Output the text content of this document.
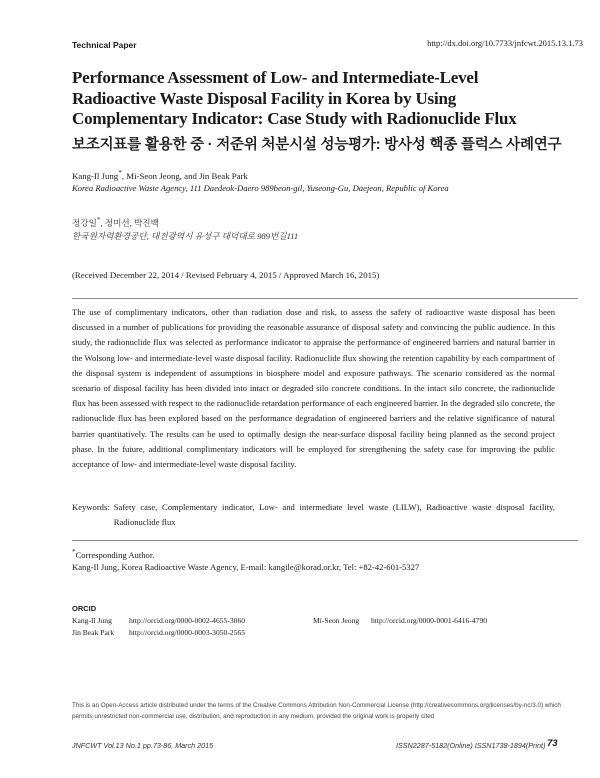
Technical Paper	http://dx.doi.org/10.7733/jnfcwt.2015.13.1.73
Performance Assessment of Low- and Intermediate-Level
Radioactive Waste Disposal Facility in Korea by Using
Complementary Indicator: Case Study with Radionuclide Flux
보조지표를 활용한 중 · 저준위 처분시설 성능평가: 방사성 핵종 플럭스 사례연구
Kang-Il Jung*, Mi-Seon Jeong, and Jin Beak Park
Korea Radioactive Waste Agency, 111 Daedeok-Daero 989beon-gil, Yuseong-Gu, Daejeon, Republic of Korea
정강일*, 정미선, 박진백
한국원자력환경공단, 대전광역시 유성구 대덕대로 989번길111
(Received December 22, 2014 / Revised February 4, 2015 / Approved March 16, 2015)
The use of complimentary indicators, other than radiation dose and risk, to assess the safety of radioactive waste disposal has been discussed in a number of publications for providing the reasonable assurance of disposal safety and convincing the public audience. In this study, the radionuclide flux was selected as performance indicator to appraise the performance of engineered barriers and natural barrier in the Wolsong low- and intermediate-level waste disposal facility. Radionuclide flux showing the retention capability by each compartment of the disposal system is independent of assumptions in biosphere model and exposure pathways. The scenario considered as the normal scenario of disposal facility has been divided into intact or degraded silo concrete conditions. In the intact silo concrete, the radionuclide flux has been assessed with respect to the radionuclide retardation performance of each engineered barrier. In the degraded silo concrete, the radionuclide flux has been explored based on the performance degradation of engineered barriers and the relative significance of natural barrier quantitatively. The results can be used to optimally design the near-surface disposal facility being planned as the second project phase. In the future, additional complimentary indicators will be employed for strengthening the safety case for improving the public acceptance of low- and intermediate-level waste disposal facility.
Keywords: Safety case, Complementary indicator, Low- and intermediate level waste (LILW), Radioactive waste disposal facility, Radionuclide flux
*Corresponding Author.
Kang-Il Jung, Korea Radioactive Waste Agency, E-mail: kangile@korad.or.kr, Tel: +82-42-601-5327
ORCID
Kang-Il Jung http://orcid.org/0000-0002-4655-3060	Mi-Seon Jeong http://orcid.org/0000-0001-6416-4790
Jin Beak Park http://orcid.org/0000-0003-3050-2565
This is an Open-Access article distributed under the terms of the Creative Commons Attribution Non-Commercial License (http://creativecommons.org/licenses/by-nc/3.0) which permits unrestricted non-commercial use, distribution, and reproduction in any medium, provided the original work is properly cited
JNFCWT Vol.13 No.1 pp.73-86, March 2015	ISSN2287-5182(Online) ISSN1738-1894(Print) 73
